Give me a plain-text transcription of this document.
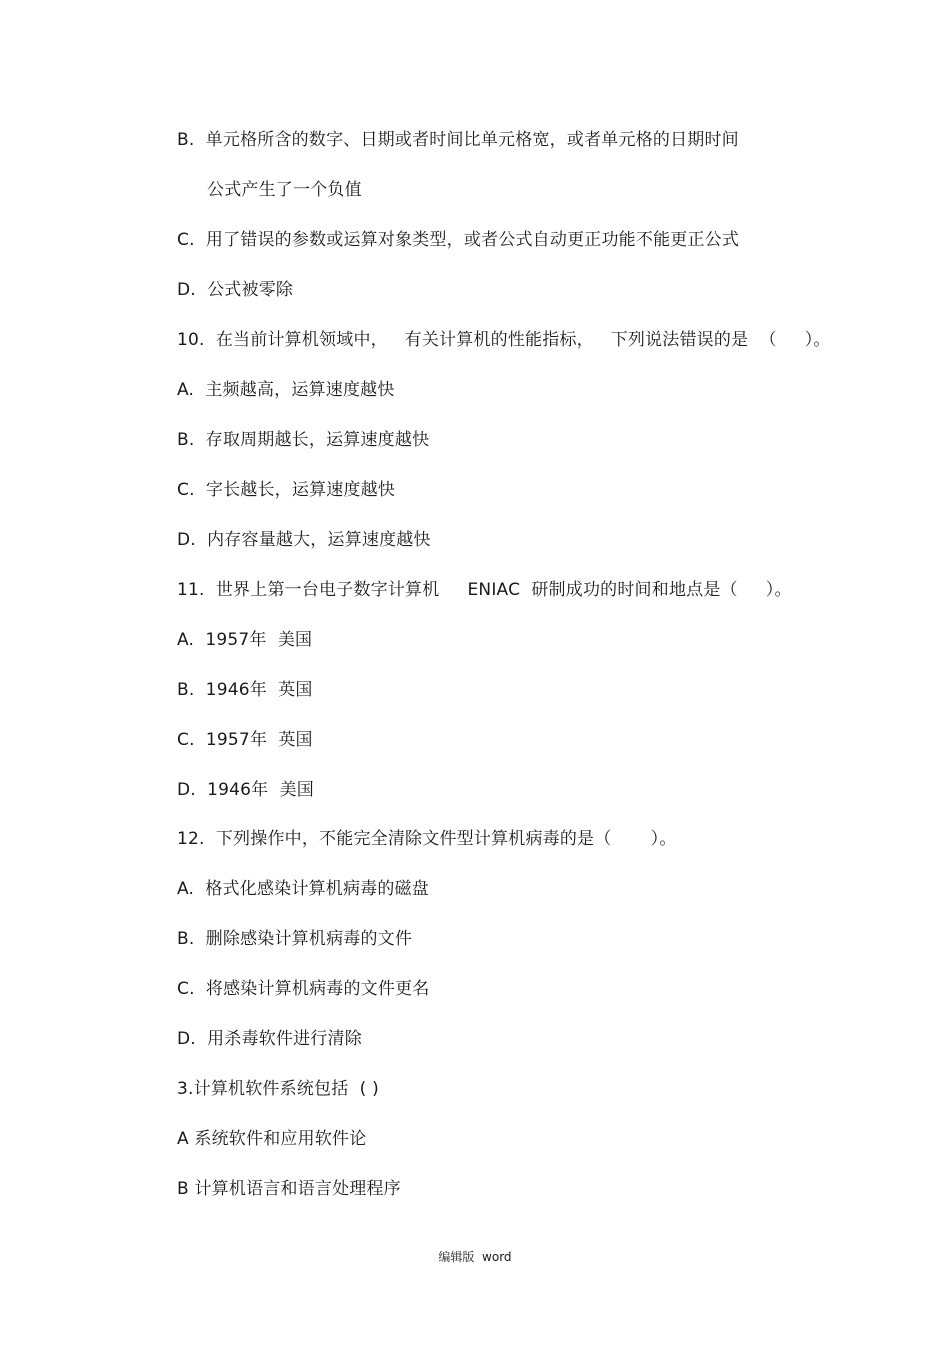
B.  单元格所含的数字、日期或者时间比单元格宽，或者单元格的日期时间
公式产生了一个负值
C.  用了错误的参数或运算对象类型，或者公式自动更正功能不能更正公式
D.  公式被零除
10.  在当前计算机领域中，   有关计算机的性能指标，   下列说法错误的是  （     ）。
A.  主频越高，运算速度越快
B.  存取周期越长，运算速度越快
C.  字长越长，运算速度越快
D.  内存容量越大，运算速度越快
11.  世界上第一台电子数字计算机     ENIAC  研制成功的时间和地点是（     ）。
A.  1957年  美国
B.  1946年  英国
C.  1957年  英国
D.  1946年  美国
12.  下列操作中，不能完全清除文件型计算机病毒的是（       ）。
A.  格式化感染计算机病毒的磁盘
B.  删除感染计算机病毒的文件
C.  将感染计算机病毒的文件更名
D.  用杀毒软件进行清除
3.计算机软件系统包括  ( )
A 系统软件和应用软件论
B 计算机语言和语言处理程序
编辑版  word
